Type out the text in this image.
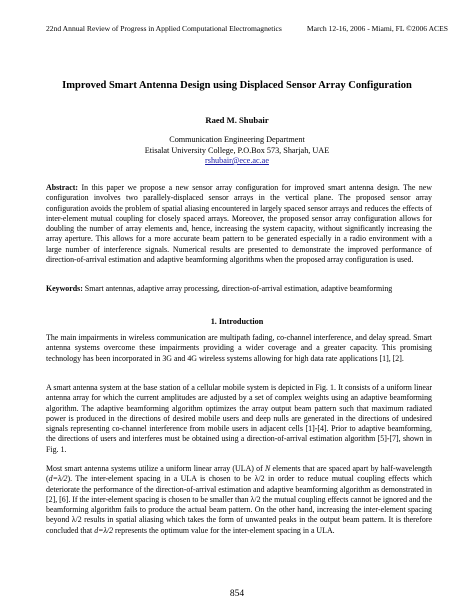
22nd Annual Review of Progress in Applied Computational Electromagnetics	March 12-16, 2006 - Miami, FL ©2006 ACES
Improved Smart Antenna Design using Displaced Sensor Array Configuration
Raed M. Shubair
Communication Engineering Department
Etisalat University College, P.O.Box 573, Sharjah, UAE
rshubair@ece.ac.ae
Abstract: In this paper we propose a new sensor array configuration for improved smart antenna design. The new configuration involves two parallely-displaced sensor arrays in the vertical plane. The proposed sensor array configuration avoids the problem of spatial aliasing encountered in largely spaced sensor arrays and reduces the effects of inter-element mutual coupling for closely spaced arrays. Moreover, the proposed sensor array configuration allows for doubling the number of array elements and, hence, increasing the system capacity, without significantly increasing the array aperture. This allows for a more accurate beam pattern to be generated especially in a radio environment with a large number of interference signals. Numerical results are presented to demonstrate the improved performance of direction-of-arrival estimation and adaptive beamforming algorithms when the proposed array configuration is used.
Keywords: Smart antennas, adaptive array processing, direction-of-arrival estimation, adaptive beamforming
1. Introduction
The main impairments in wireless communication are multipath fading, co-channel interference, and delay spread. Smart antenna systems overcome these impairments providing a wider coverage and a greater capacity. This promising technology has been incorporated in 3G and 4G wireless systems allowing for high data rate applications [1], [2].
A smart antenna system at the base station of a cellular mobile system is depicted in Fig. 1. It consists of a uniform linear antenna array for which the current amplitudes are adjusted by a set of complex weights using an adaptive beamforming algorithm. The adaptive beamforming algorithm optimizes the array output beam pattern such that maximum radiated power is produced in the directions of desired mobile users and deep nulls are generated in the directions of undesired signals representing co-channel interference from mobile users in adjacent cells [1]-[4]. Prior to adaptive beamforming, the directions of users and interferes must be obtained using a direction-of-arrival estimation algorithm [5]-[7], shown in Fig. 1.
Most smart antenna systems utilize a uniform linear array (ULA) of N elements that are spaced apart by half-wavelength (d=λ/2). The inter-element spacing in a ULA is chosen to be λ/2 in order to reduce mutual coupling effects which deteriorate the performance of the direction-of-arrival estimation and adaptive beamforming algorithm as demonstrated in [2], [6]. If the inter-element spacing is chosen to be smaller than λ/2 the mutual coupling effects cannot be ignored and the beamforming algorithm fails to produce the actual beam pattern. On the other hand, increasing the inter-element spacing beyond λ/2 results in spatial aliasing which takes the form of unwanted peaks in the output beam pattern. It is therefore concluded that d=λ/2 represents the optimum value for the inter-element spacing in a ULA.
854
